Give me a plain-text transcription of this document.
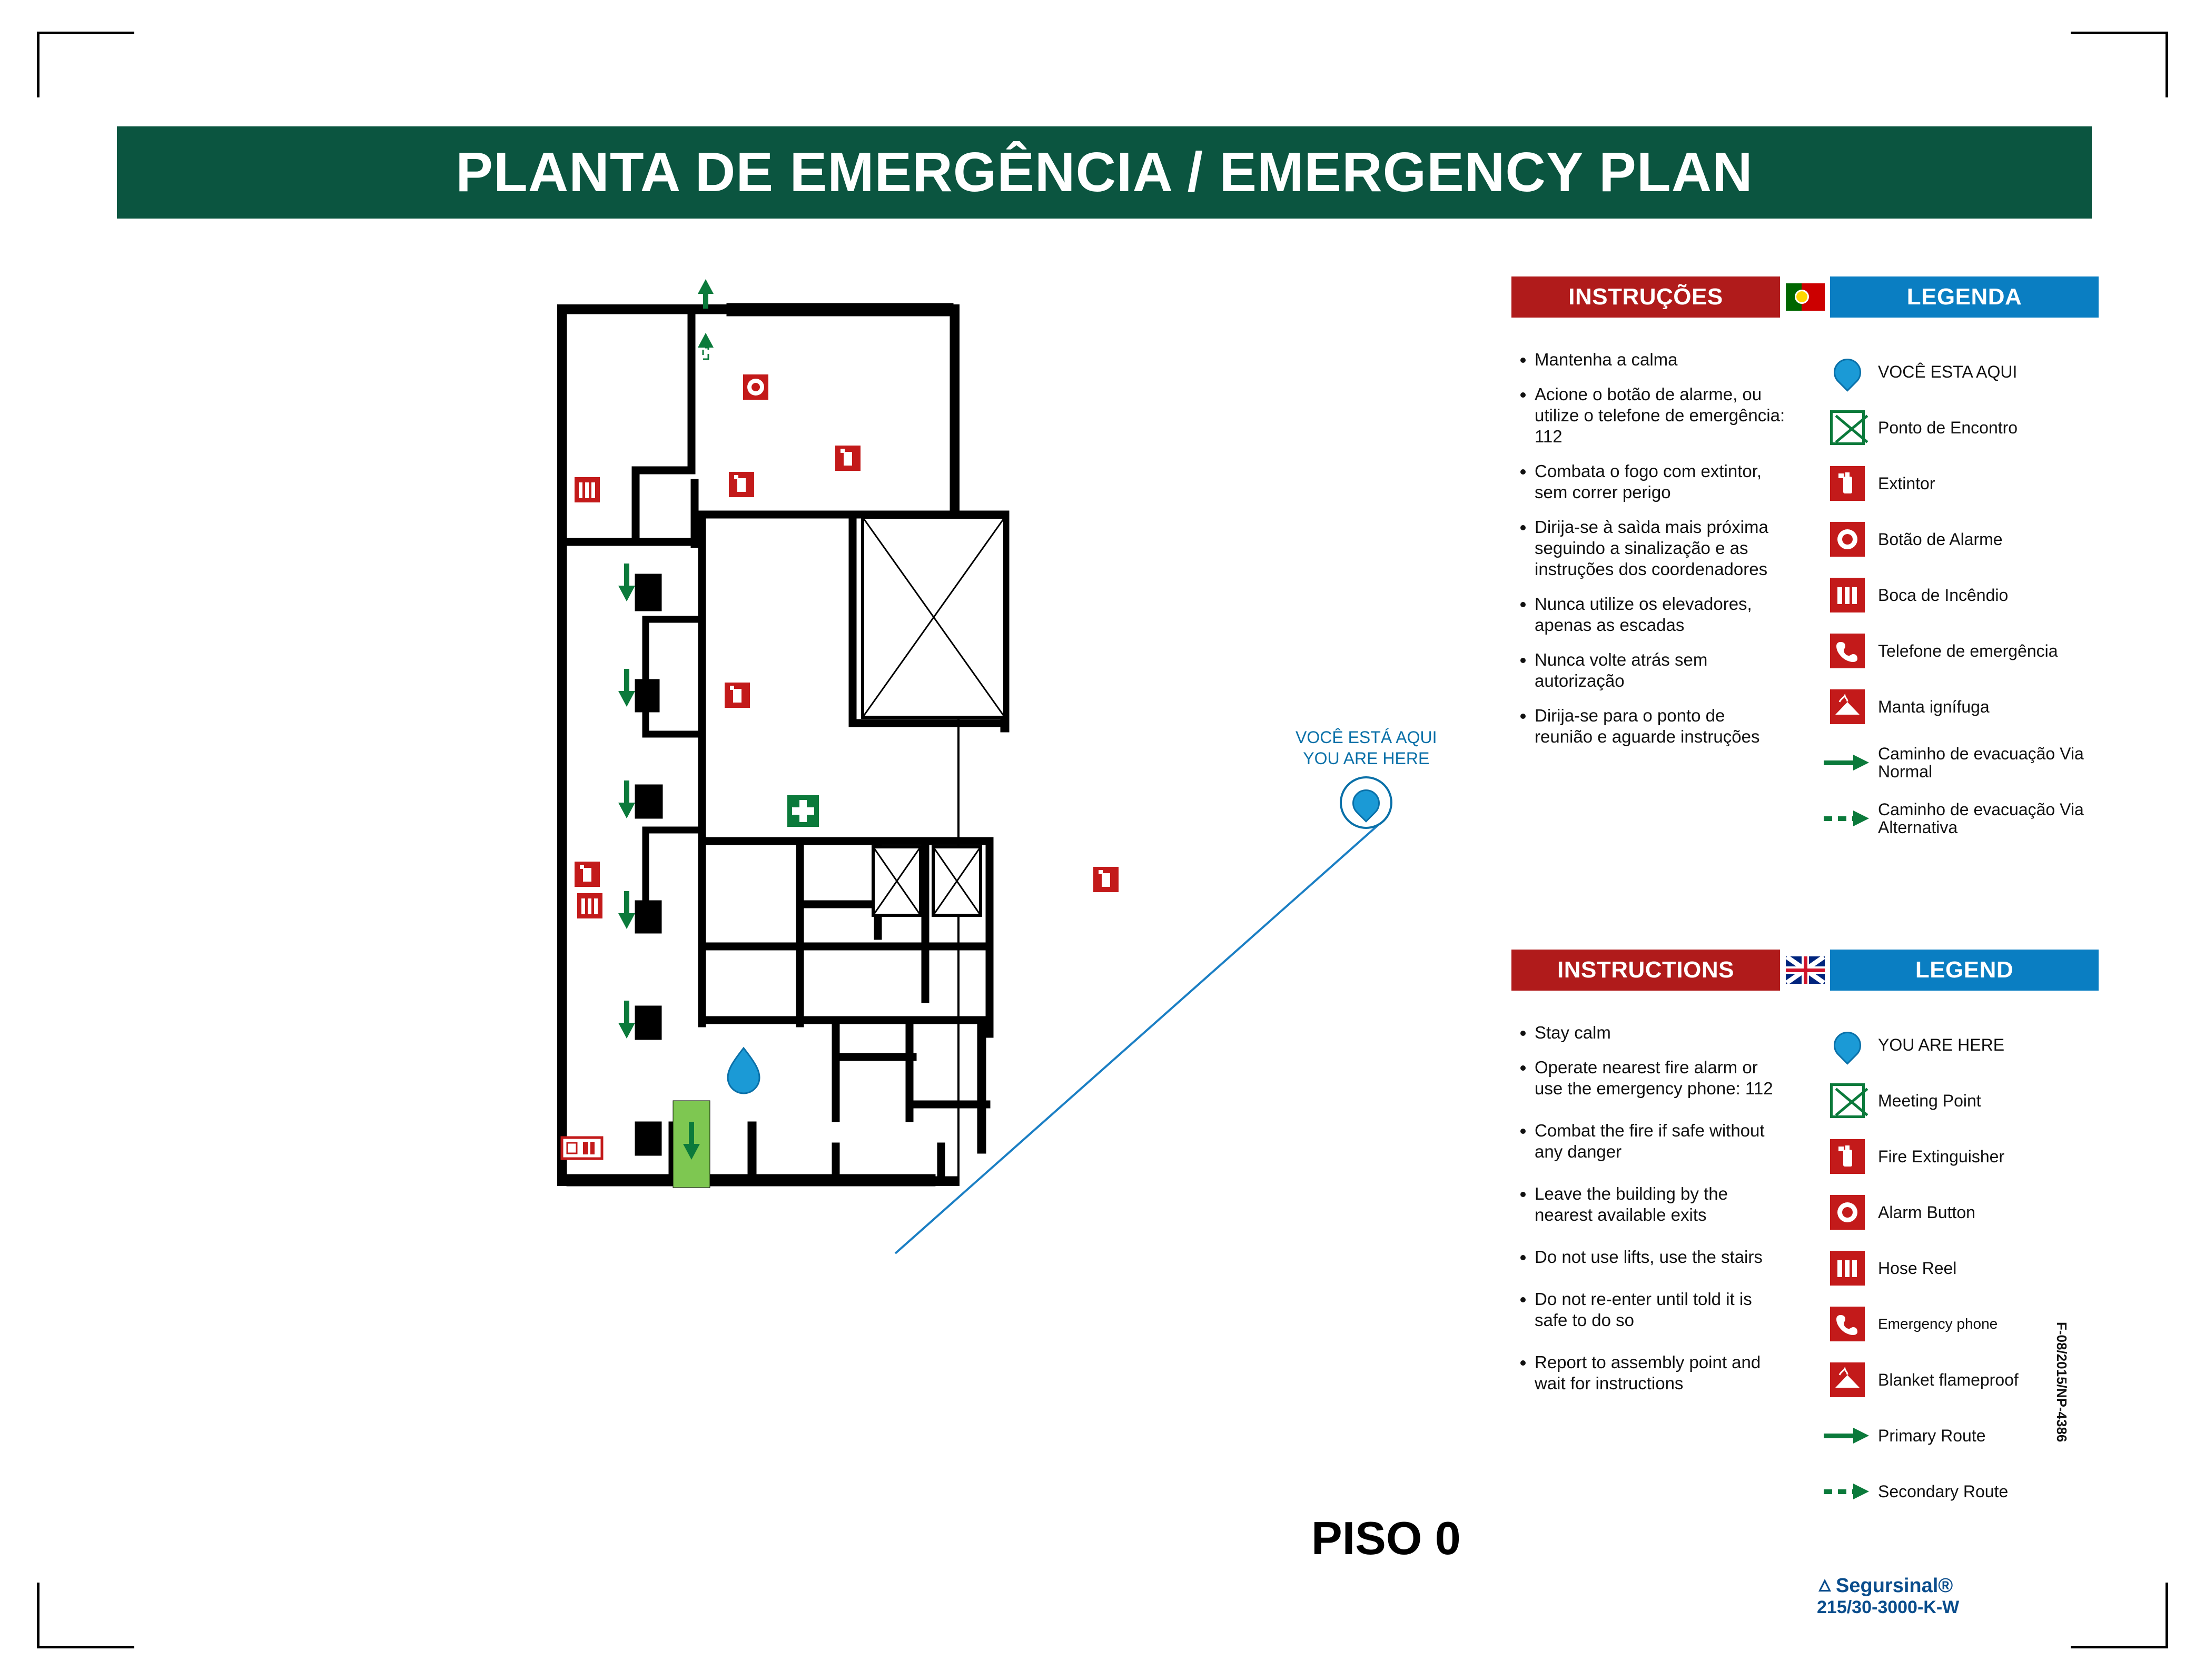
PLANTA DE EMERGÊNCIA / EMERGENCY PLAN
VOCÊ ESTÁ AQUI
YOU ARE HERE
PISO 0
F-08/2015/NP-4386
INSTRUÇÕES	LEGENDA
• Mantenha a calma
• Acione o botão de alarme, ou utilize o telefone de emergência: 112
• Combata o fogo com extintor, sem correr perigo
• Dirija-se à saìda mais próxima seguindo a sinalização e as instruções dos coordenadores
• Nunca utilize os elevadores, apenas as escadas
• Nunca volte atrás sem autorização
• Dirija-se para o ponto de reunião e aguarde instruções
VOCÊ ESTA AQUI
Ponto de Encontro
Extintor
Botão de Alarme
Boca de Incêndio
Telefone de emergência
Manta ignífuga
Caminho de evacuação Via Normal
Caminho de evacuação Via Alternativa
INSTRUCTIONS	LEGEND
• Stay calm
• Operate nearest fire alarm or use the emergency phone: 112
• Combat the fire if safe without any danger
• Leave the building by the nearest available exits
• Do not use lifts, use the stairs
• Do not re-enter until told it is safe to do so
• Report to assembly point and wait for instructions
YOU ARE HERE
Meeting Point
Fire Extinguisher
Alarm Button
Hose Reel
Emergency phone
Blanket flameproof
Primary Route
Secondary Route
Segursinal®
215/30-3000-K-W
